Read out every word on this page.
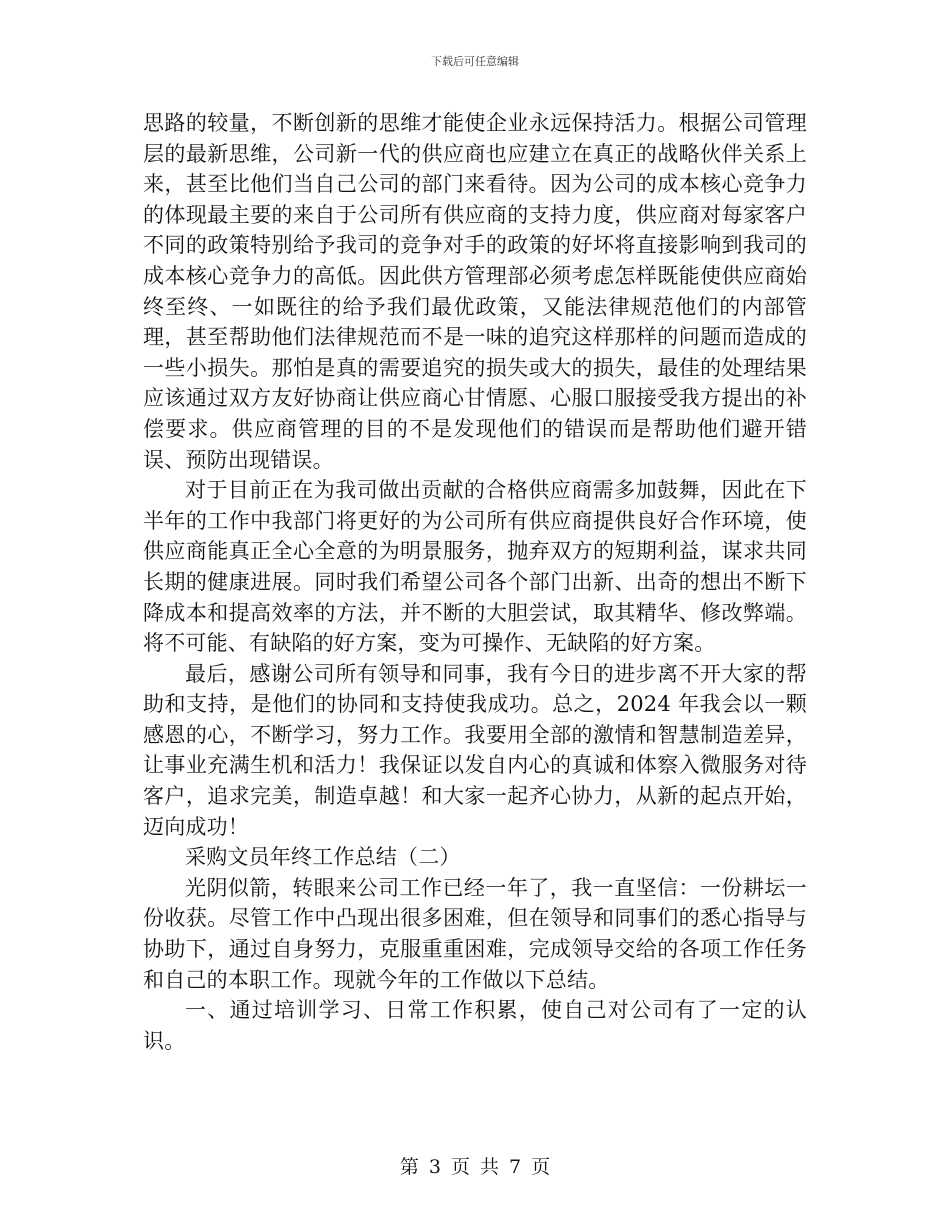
下载后可任意编辑

思路的较量，不断创新的思维才能使企业永远保持活力。根据公司管理层的最新思维，公司新一代的供应商也应建立在真正的战略伙伴关系上来，甚至比他们当自己公司的部门来看待。因为公司的成本核心竞争力的体现最主要的来自于公司所有供应商的支持力度，供应商对每家客户不同的政策特别给予我司的竞争对手的政策的好坏将直接影响到我司的成本核心竞争力的高低。因此供方管理部必须考虑怎样既能使供应商始终至终、一如既往的给予我们最优政策，又能法律规范他们的内部管理，甚至帮助他们法律规范而不是一味的追究这样那样的问题而造成的一些小损失。那怕是真的需要追究的损失或大的损失，最佳的处理结果应该通过双方友好协商让供应商心甘情愿、心服口服接受我方提出的补偿要求。供应商管理的目的不是发现他们的错误而是帮助他们避开错误、预防出现错误。

对于目前正在为我司做出贡献的合格供应商需多加鼓舞，因此在下半年的工作中我部门将更好的为公司所有供应商提供良好合作环境，使供应商能真正全心全意的为明景服务，抛弃双方的短期利益，谋求共同长期的健康进展。同时我们希望公司各个部门出新、出奇的想出不断下降成本和提高效率的方法，并不断的大胆尝试，取其精华、修改弊端。将不可能、有缺陷的好方案，变为可操作、无缺陷的好方案。

最后，感谢公司所有领导和同事，我有今日的进步离不开大家的帮助和支持，是他们的协同和支持使我成功。总之，2024 年我会以一颗感恩的心，不断学习，努力工作。我要用全部的激情和智慧制造差异，让事业充满生机和活力！我保证以发自内心的真诚和体察入微服务对待客户，追求完美，制造卓越！和大家一起齐心协力，从新的起点开始，迈向成功！

采购文员年终工作总结（二）

光阴似箭，转眼来公司工作已经一年了，我一直坚信：一份耕坛一份收获。尽管工作中凸现出很多困难，但在领导和同事们的悉心指导与协助下，通过自身努力，克服重重困难，完成领导交给的各项工作任务和自己的本职工作。现就今年的工作做以下总结。

一、通过培训学习、日常工作积累，使自己对公司有了一定的认识。

第 3 页 共 7 页
